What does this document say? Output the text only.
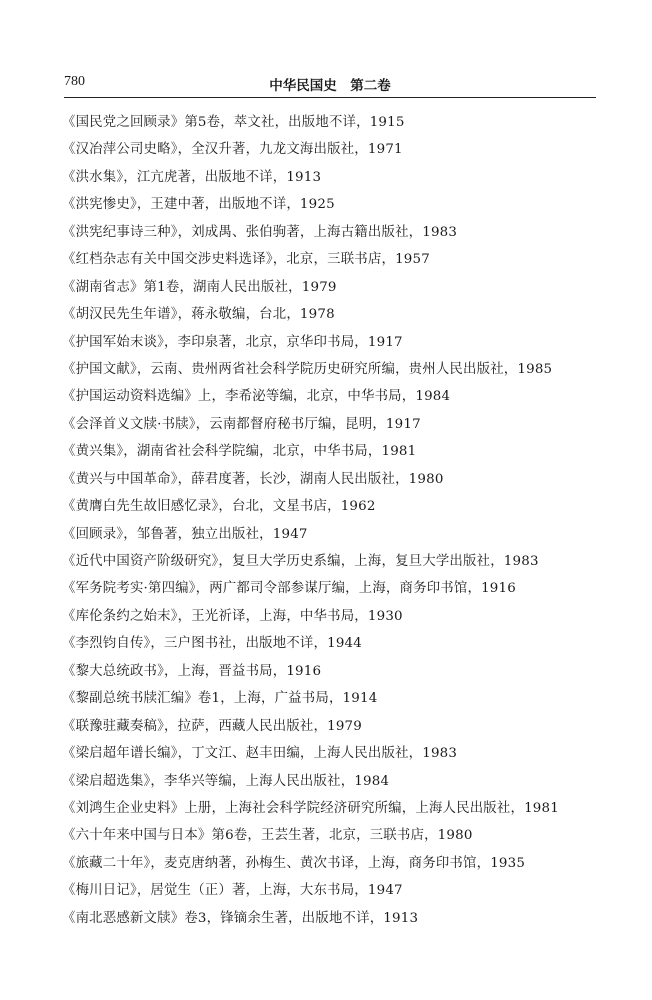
780	中华民国史　第二卷
《国民党之回顾录》第5卷，萃文社，出版地不详，1915
《汉冶萍公司史略》，全汉升著，九龙文海出版社，1971
《洪水集》，江亢虎著，出版地不详，1913
《洪宪惨史》，王建中著，出版地不详，1925
《洪宪纪事诗三种》，刘成禺、张伯驹著，上海古籍出版社，1983
《红档杂志有关中国交涉史料选译》，北京，三联书店，1957
《湖南省志》第1卷，湖南人民出版社，1979
《胡汉民先生年谱》，蒋永敬编，台北，1978
《护国军始末谈》，李印泉著，北京，京华印书局，1917
《护国文献》，云南、贵州两省社会科学院历史研究所编，贵州人民出版社，1985
《护国运动资料选编》上，李希泌等编，北京，中华书局，1984
《会泽首义文牍·书牍》，云南都督府秘书厅编，昆明，1917
《黄兴集》，湖南省社会科学院编，北京，中华书局，1981
《黄兴与中国革命》，薛君度著，长沙，湖南人民出版社，1980
《黄膺白先生故旧感忆录》，台北，文星书店，1962
《回顾录》，邹鲁著，独立出版社，1947
《近代中国资产阶级研究》，复旦大学历史系编，上海，复旦大学出版社，1983
《军务院考实·第四编》，两广都司令部参谋厅编，上海，商务印书馆，1916
《库伦条约之始末》，王光祈译，上海，中华书局，1930
《李烈钧自传》，三户图书社，出版地不详，1944
《黎大总统政书》，上海，晋益书局，1916
《黎副总统书牍汇编》卷1，上海，广益书局，1914
《联豫驻藏奏稿》，拉萨，西藏人民出版社，1979
《梁启超年谱长编》，丁文江、赵丰田编，上海人民出版社，1983
《梁启超选集》，李华兴等编，上海人民出版社，1984
《刘鸿生企业史料》上册，上海社会科学院经济研究所编，上海人民出版社，1981
《六十年来中国与日本》第6卷，王芸生著，北京，三联书店，1980
《旅藏二十年》，麦克唐纳著，孙梅生、黄次书译，上海，商务印书馆，1935
《梅川日记》，居觉生（正）著，上海，大东书局，1947
《南北恶感新文牍》卷3，锋镝余生著，出版地不详，1913
